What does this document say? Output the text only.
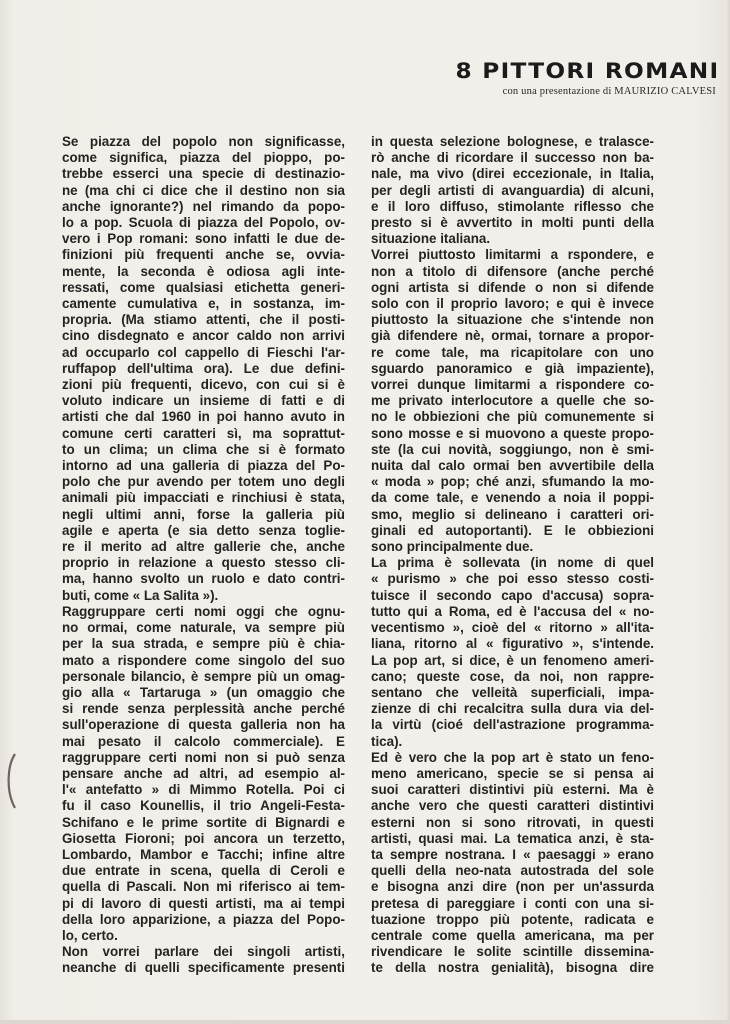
8 PITTORI ROMANI
con una presentazione di MAURIZIO CALVESI
Se piazza del popolo non significasse,
come significa, piazza del pioppo, po-
trebbe esserci una specie di destinazio-
ne (ma chi ci dice che il destino non sia
anche ignorante?) nel rimando da popo-
lo a pop. Scuola di piazza del Popolo, ov-
vero i Pop romani: sono infatti le due de-
finizioni più frequenti anche se, ovvia-
mente, la seconda è odiosa agli inte-
ressati, come qualsiasi etichetta generi-
camente cumulativa e, in sostanza, im-
propria. (Ma stiamo attenti, che il posti-
cino disdegnato e ancor caldo non arrivi
ad occuparlo col cappello di Fieschi l'ar-
ruffapop dell'ultima ora). Le due defini-
zioni più frequenti, dicevo, con cui si è
voluto indicare un insieme di fatti e di
artisti che dal 1960 in poi hanno avuto in
comune certi caratteri sì, ma soprattut-
to un clima; un clima che si è formato
intorno ad una galleria di piazza del Po-
polo che pur avendo per totem uno degli
animali più impacciati e rinchiusi è stata,
negli ultimi anni, forse la galleria più
agile e aperta (e sia detto senza toglie-
re il merito ad altre gallerie che, anche
proprio in relazione a questo stesso cli-
ma, hanno svolto un ruolo e dato contri-
buti, come « La Salita »).
Raggruppare certi nomi oggi che ognu-
no ormai, come naturale, va sempre più
per la sua strada, e sempre più è chia-
mato a rispondere come singolo del suo
personale bilancio, è sempre più un omag-
gio alla « Tartaruga » (un omaggio che
si rende senza perplessità anche perché
sull'operazione di questa galleria non ha
mai pesato il calcolo commerciale). E
raggruppare certi nomi non si può senza
pensare anche ad altri, ad esempio al-
l'« antefatto » di Mimmo Rotella. Poi ci
fu il caso Kounellis, il trio Angeli-Festa-
Schifano e le prime sortite di Bignardi e
Giosetta Fioroni; poi ancora un terzetto,
Lombardo, Mambor e Tacchi; infine altre
due entrate in scena, quella di Ceroli e
quella di Pascali. Non mi riferisco ai tem-
pi di lavoro di questi artisti, ma ai tempi
della loro apparizione, a piazza del Popo-
lo, certo.
Non vorrei parlare dei singoli artisti,
neanche di quelli specificamente presenti
in questa selezione bolognese, e tralasce-
rò anche di ricordare il successo non ba-
nale, ma vivo (direi eccezionale, in Italia,
per degli artisti di avanguardia) di alcuni,
e il loro diffuso, stimolante riflesso che
presto si è avvertito in molti punti della
situazione italiana.
Vorrei piuttosto limitarmi a rspondere, e
non a titolo di difensore (anche perché
ogni artista si difende o non si difende
solo con il proprio lavoro; e qui è invece
piuttosto la situazione che s'intende non
già difendere nè, ormai, tornare a propor-
re come tale, ma ricapitolare con uno
sguardo panoramico e già impaziente),
vorrei dunque limitarmi a rispondere co-
me privato interlocutore a quelle che so-
no le obbiezioni che più comunemente si
sono mosse e si muovono a queste propo-
ste (la cui novità, soggiungo, non è smi-
nuita dal calo ormai ben avvertibile della
« moda » pop; ché anzi, sfumando la mo-
da come tale, e venendo a noia il poppi-
smo, meglio si delineano i caratteri ori-
ginali ed autoportanti). E le obbiezioni
sono principalmente due.
La prima è sollevata (in nome di quel
« purismo » che poi esso stesso costi-
tuisce il secondo capo d'accusa) sopra-
tutto qui a Roma, ed è l'accusa del « no-
vecentismo », cioè del « ritorno » all'ita-
liana, ritorno al « figurativo », s'intende.
La pop art, si dice, è un fenomeno ameri-
cano; queste cose, da noi, non rappre-
sentano che velleità superficiali, impa-
zienze di chi recalcitra sulla dura via del-
la virtù (cioé dell'astrazione programma-
tica).
Ed è vero che la pop art è stato un feno-
meno americano, specie se si pensa ai
suoi caratteri distintivi più esterni. Ma è
anche vero che questi caratteri distintivi
esterni non si sono ritrovati, in questi
artisti, quasi mai. La tematica anzi, è sta-
ta sempre nostrana. I « paesaggi » erano
quelli della neo-nata autostrada del sole
e bisogna anzi dire (non per un'assurda
pretesa di pareggiare i conti con una si-
tuazione troppo più potente, radicata e
centrale come quella americana, ma per
rivendicare le solite scintille dissemina-
te della nostra genialità), bisogna dire
